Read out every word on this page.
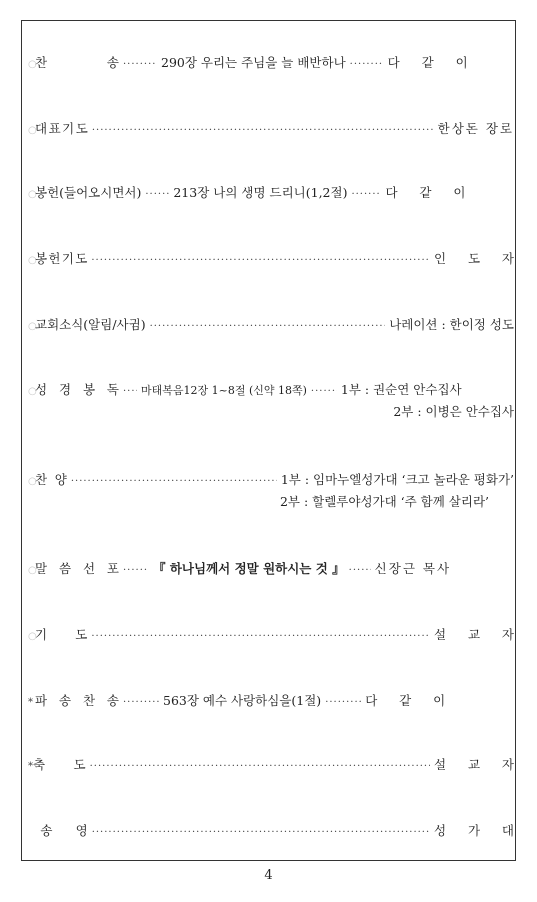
○
찬	송 ·····	290장 우리는 주님을 늘 배반하나 ·····	다 같 이
○
대 표 기 도 ·····	한상돈 장로
○
봉헌(들어오시면서) ·····	213장 나의 생명 드리니(1,2절) ·····	다 같 이
○
봉 헌 기 도 ·····	인 도 자
○
교회소식(알림/사귐) ·····	나레이션 : 한이정 성도
○
성 경 봉 독 ····· 마태복음12장 1~8절 (신약 18쪽) ·····	1부 : 권순연 안수집사
2부 : 이병은 안수집사
○
찬 양 ·····	1부 : 임마누엘성가대 ‘크고 놀라운 평화가’
2부 : 할렐루야성가대 ‘주 함께 살리라’
○
말 씀 선 포 ·····	『 하나님께서 정말 원하시는 것 』 ····· 신장근 목사
○
기 도 ·····	설 교 자
* 파 송 찬 송 ·····	563장 예수 사랑하심을(1절) ·····	다 같 이
* 축 도 ·····	설 교 자
송 영 ·····	성 가 대
4
